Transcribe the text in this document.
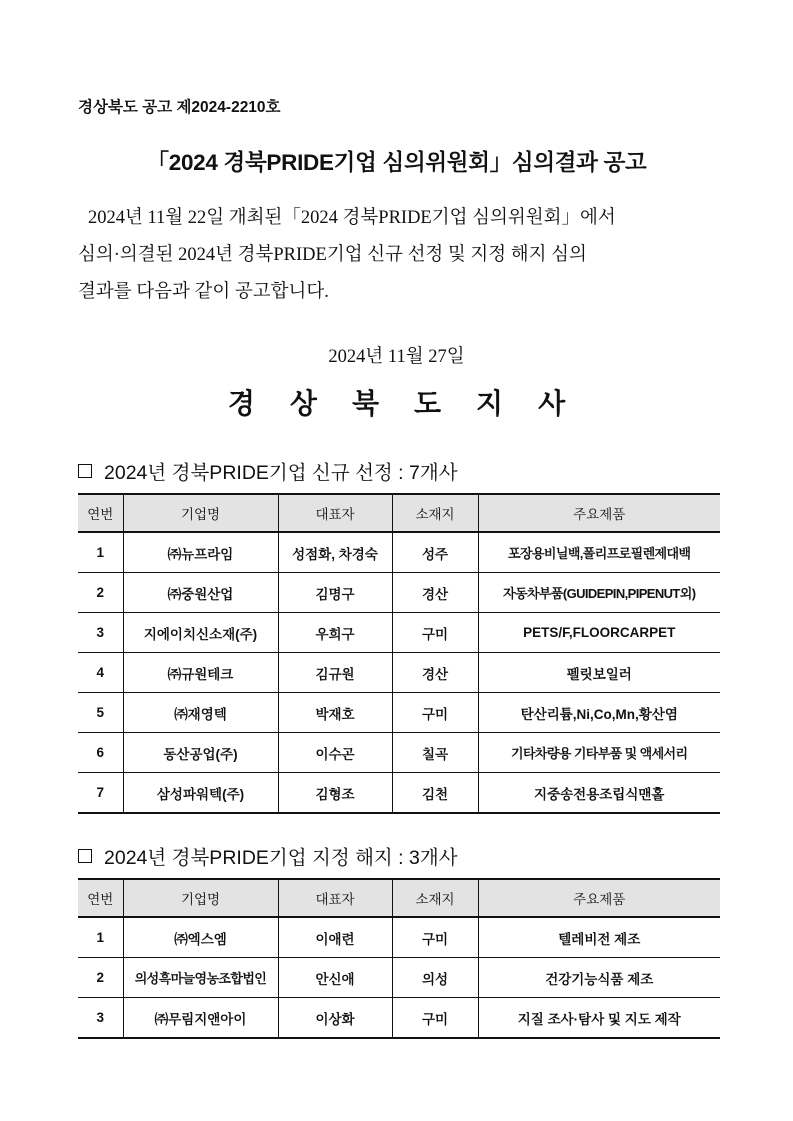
경상북도 공고 제2024-2210호
「2024 경북PRIDE기업 심의위원회」심의결과 공고
2024년 11월 22일 개최된「2024 경북PRIDE기업 심의위원회」에서
심의·의결된 2024년 경북PRIDE기업 신규 선정 및 지정 해지 심의
결과를 다음과 같이 공고합니다.
2024년 11월 27일
경 상 북 도 지 사
2024년 경북PRIDE기업 신규 선정 : 7개사
연번	기업명	대표자	소재지	주요제품
1	㈜뉴프라임	성점화, 차경숙	성주	포장용비닐백,폴리프로필렌제대백
2	㈜중원산업	김명구	경산	자동차부품(GUIDEPIN,PIPENUT외)
3	지에이치신소재(주)	우희구	구미	PETS/F,FLOORCARPET
4	㈜규원테크	김규원	경산	펠릿보일러
5	㈜재영텍	박재호	구미	탄산리튬,Ni,Co,Mn,황산염
6	동산공업(주)	이수곤	칠곡	기타차량용 기타부품 및 액세서리
7	삼성파워텍(주)	김형조	김천	지중송전용조립식맨홀
2024년 경북PRIDE기업 지정 해지 : 3개사
연번	기업명	대표자	소재지	주요제품
1	㈜엑스엠	이애련	구미	텔레비전 제조
2	의성흑마늘영농조합법인	안신애	의성	건강기능식품 제조
3	㈜무림지앤아이	이상화	구미	지질 조사·탐사 및 지도 제작
